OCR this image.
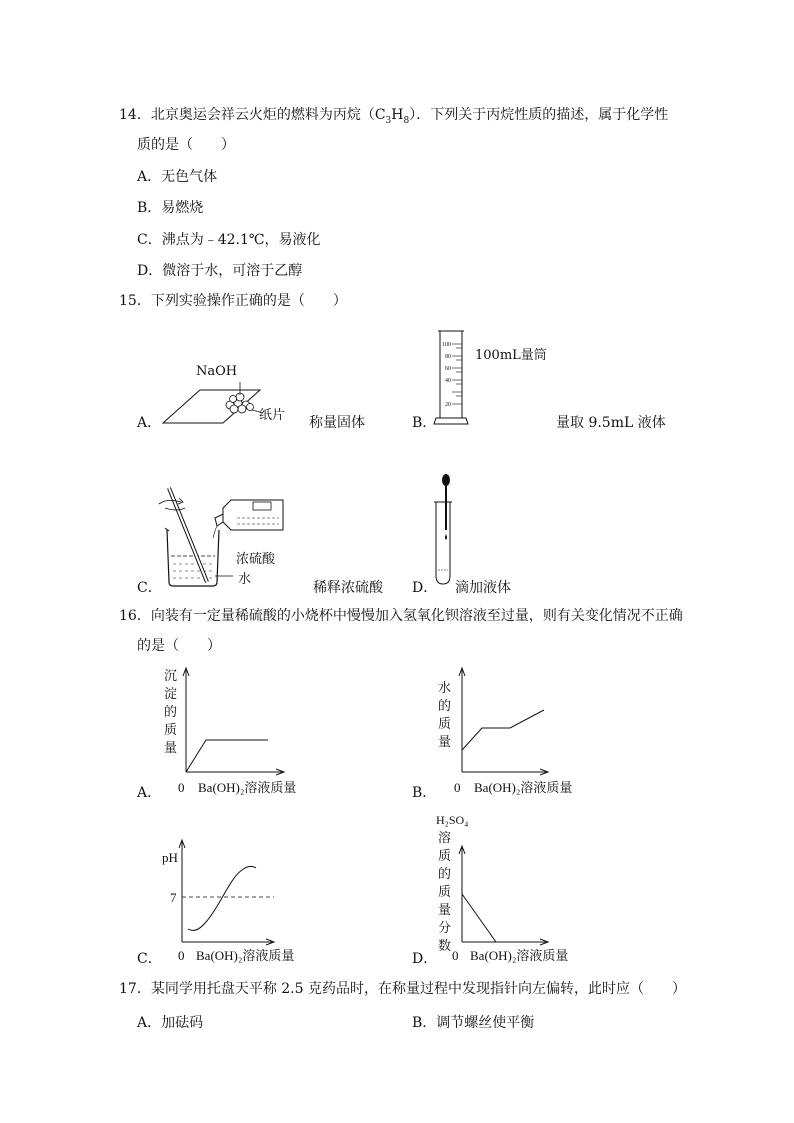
14．北京奥运会祥云火炬的燃料为丙烷$(C_3H_8)$．下列关于丙烷性质的描述，属于化学性
质的是（　　）
A．无色气体
B．易燃烧
C．沸点为﹣42.1℃，易液化
D．微溶于水，可溶于乙醇
15．下列实验操作正确的是（　　）
A．
NaOH
纸片 称量固体	B．
100
80
60
40
20
100mL量筒
量取 9.5mL 液体
C．
浓硫酸
水
稀释浓硫酸 D． 滴加液体
16．向装有一定量稀硫酸的小烧杯中慢慢加入氢氧化钡溶液至过量，则有关变化情况不正确
的是（　　）
沉
淀
的
质
量
0 Ba(OH)₂溶液质量
A．
水
的
质
量
0 Ba(OH)₂溶液质量
B．
pH
7
0 Ba(OH)₂溶液质量
C．
H₂SO₄
溶
质
的
质
量
分
数
0 Ba(OH)₂溶液质量
D．
17．某同学用托盘天平称 2.5 克药品时，在称量过程中发现指针向左偏转，此时应（　　）
A．加砝码	B．调节螺丝使平衡
